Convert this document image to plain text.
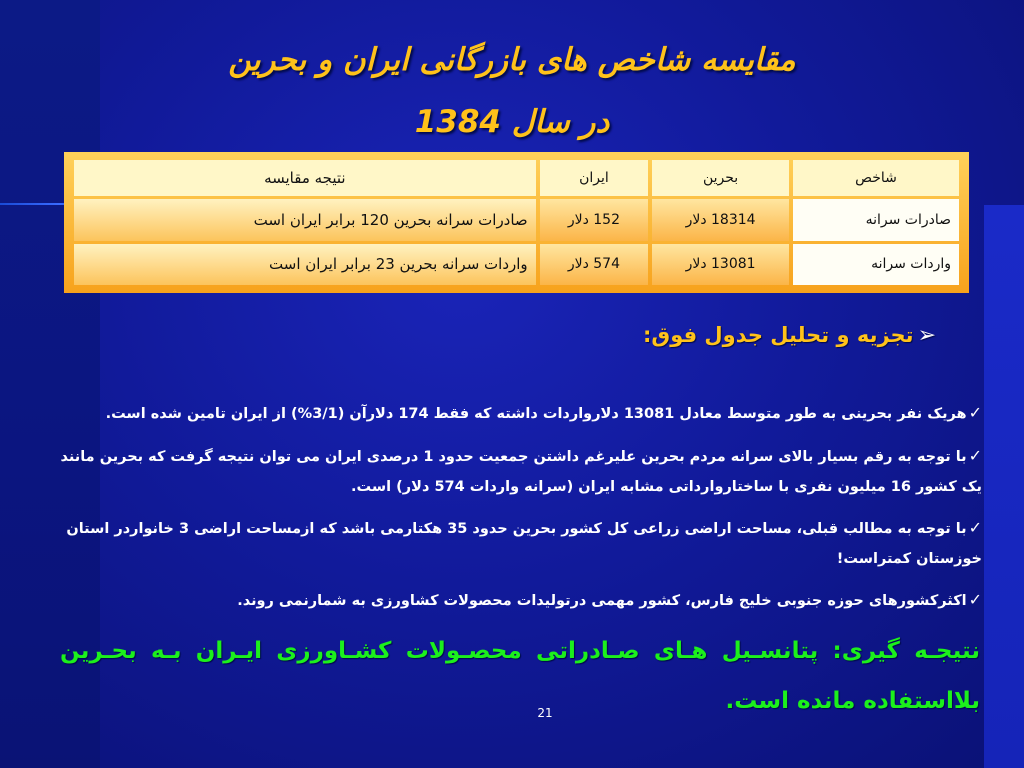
مقایسه شاخص های بازرگانی ایران و بحرین
در سال 1384
شاخص	بحرین	ایران	نتیجه مقایسه
صادرات سرانه	18314 دلار	152 دلار	صادرات سرانه بحرین 120 برابر ایران است
واردات سرانه	13081 دلار	574 دلار	واردات سرانه بحرین 23 برابر ایران است
➢تجزیه و تحلیل جدول فوق:
✓هریک نفر بحرینی به طور متوسط معادل 13081 دلارواردات داشته که فقط 174 دلارآن (3/1%) از ایران تامین شده است.
✓با توجه به رقم بسیار بالای سرانه مردم بحرین علیرغم داشتن جمعیت حدود 1 درصدی ایران می توان نتیجه گرفت که بحرین مانند یک کشور 16 میلیون نفری با ساختاروارداتی مشابه ایران (سرانه واردات 574 دلار) است.
✓با توجه به مطالب قبلی، مساحت اراضی زراعی کل کشور بحرین حدود 35 هکتارمی باشد که ازمساحت اراضی 3 خانواردر استان خوزستان کمتراست!
✓اکثرکشورهای حوزه جنوبی خلیج فارس، کشور مهمی درتولیدات محصولات کشاورزی به شمارنمی روند.
نتیجـه گیری: پتانسـیل هـای صـادراتی محصـولات کشـاورزی ایـران بـه بحـرین بلااستفاده مانده است.
21
